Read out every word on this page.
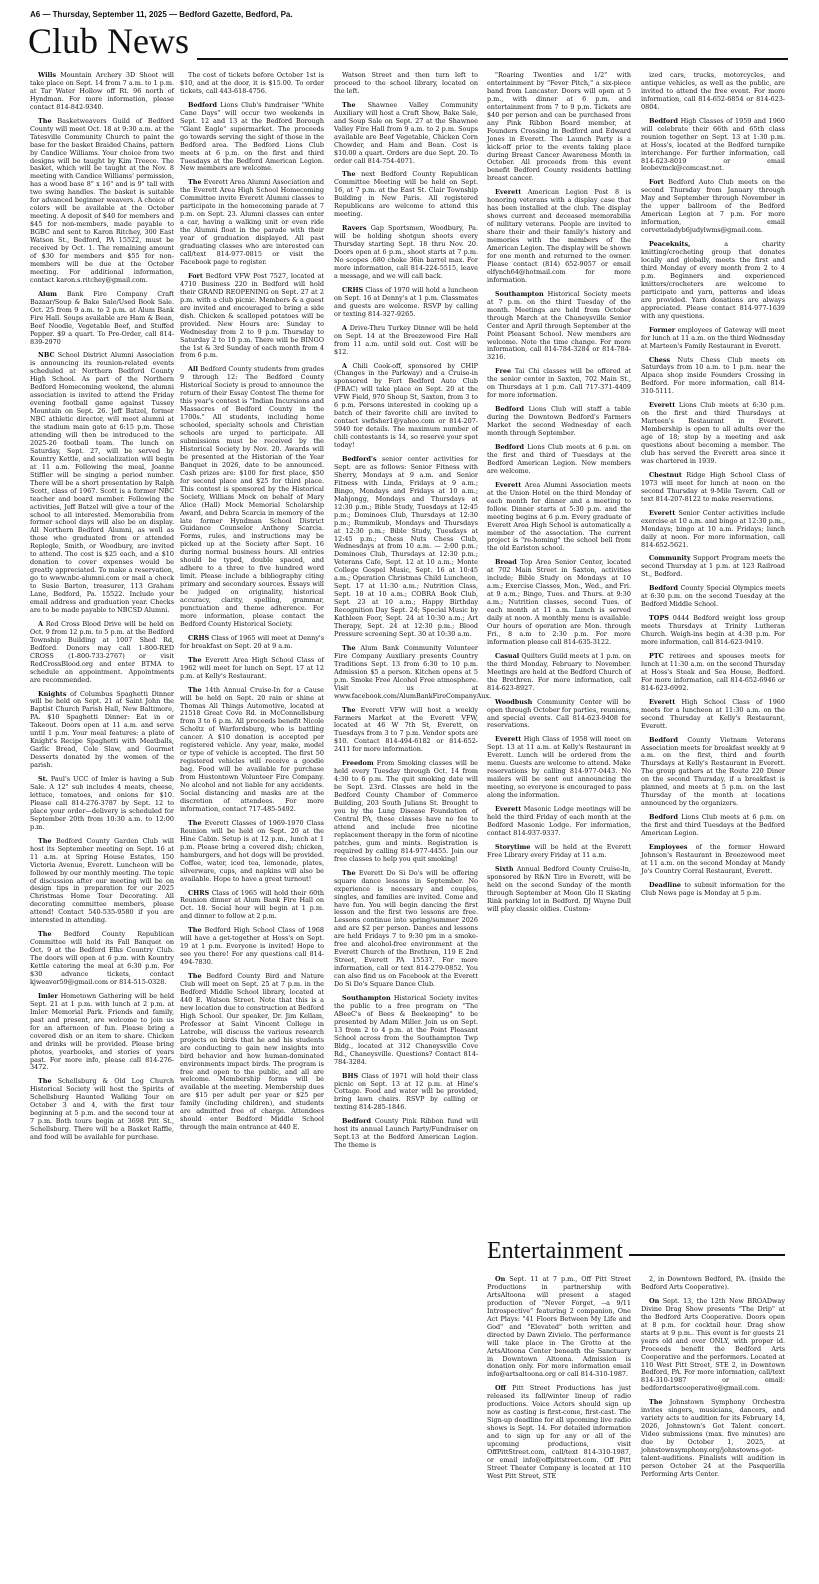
A6 — Thursday, September 11, 2025 — Bedford Gazette, Bedford, Pa.
Club News

Wills Mountain Archery 3D Shoot will take place on Sept. 14 from 7 a.m. to 1 p.m. at Tar Water Hollow off Rt. 96 north of Hyndman. For more information, please contact 814-842-9340.

The Basketweavers Guild of Bedford County will meet Oct. 18 at 9:30 a.m. at the Tatesville Community Church to paint the base for the basket Braided Chains, pattern by Candice Williams. Your choice from two designs will be taught by Kim Treece. The basket, which will be taught at the Nov. 8 meeting with Candice Williams' permission, has a wood base 8" x 16" and is 9" tall with two swing handles. The basket is suitable for advanced beginner weavers. A choice of colors will be available at the October meeting. A deposit of $40 for members and $45 for non-members, made payable to BGBC and sent to Karon Ritchey, 300 East Watson St., Bedford, PA 15522, must be received by Oct. 1. The remaining amount of $30 for members and $55 for non-members will be due at the October meeting. For additional information, contact karon.s.ritchey@gmail.com.

Alum Bank Fire Company Craft Bazaar/Soup & Bake Sale/Used Book Sale. Oct. 25 from 9 a.m. to 2 p.m. at Alum Bank Fire Hall. Soups available are Ham & Bean, Beef Noodle, Vegetable Beef, and Stuffed Pepper. $9 a quart. To Pre-Order, call 814-839-2970

NBC School District Alumni Association is announcing its reunion-related events scheduled at Northern Bedford County High School. As part of the Northern Bedford Homecoming weekend, the alumni association is invited to attend the Friday evening football game against Tussey Mountain on Sept. 26. Jeff Batzel, former NBC athletic director, will meet alumni at the stadium main gate at 6:15 p.m. Those attending will then be introduced to the 2025-26 football team. The lunch on Saturday, Sept. 27, will be served by Kountry Kettle, and socialization will begin at 11 a.m. Following the meal, Joanne Stiffler will be singing a period number. There will be a short presentation by Ralph Scott, class of 1967. Scott is a former NBC teacher and board member. Following the activities, Jeff Batzel will give a tour of the school to all interested. Memorabilia from former school days will also be on display. All Northern Bedford Alumni, as well as those who graduated from or attended Replogle, Smith, or Woodbury, are invited to attend. The cost is $25 each, and a $10 donation to cover expenses would be greatly appreciated. To make a reservation, go to www.nbc-alumni.com or mail a check to Susie Barton, treasurer, 113 Graham Lane, Bedford, Pa. 15522. Include your email address and graduation year. Checks are to be made payable to NBCSD Alumni.

A Red Cross Blood Drive will be held on Oct. 9 from 12 p.m. to 5 p.m. at the Bedford Township Building at 1007 Shed Rd, Bedford. Donors may call 1-800-RED CROSS (1-800-733-2767) or visit RedCrossBlood.org and enter BTMA to schedule an appointment. Appointments are recommended.

Knights of Columbus Spaghetti Dinner will be held on Sept. 21 at Saint John the Baptist Church Parish Hall, New Baltimore, PA. $10 Spaghetti Dinner: Eat in or Takeout. Doors open at 11 a.m. and serve until 1 p.m. Your meal features: a plate of Knight's Recipe Spaghetti with Meatballs, Garlic Bread, Cole Slaw, and Gourmet Desserts donated by the women of the parish.

St. Paul's UCC of Imler is having a Sub Sale. A 12" sub includes 4 meats, cheese, lettuce, tomatoes, and onions for $10. Please call 814-276-3787 by Sept. 12 to place your order—delivery is scheduled for September 20th from 10:30 a.m. to 12:00 p.m.

The Bedford County Garden Club will host its September meeting on Sept. 16 at 11 a.m. at Spring House Estates, 150 Victoria Avenue, Everett. Luncheon will be followed by our monthly meeting. The topic of discussion after our meeting will be on design tips in preparation for our 2025 Christmas Home Tour Decorating. All decorating committee members, please attend! Contact 540-535-9580 if you are interested in attending.

The Bedford County Republican Committee will hold its Fall Banquet on Oct. 9 at the Bedford Elks Country Club. The doors will open at 6 p.m. with Kountry Kettle catering the meal at 6:30 p.m. For $30 advance tickets, contact kjweaver59@gmail.com or 814-515-0328.

Imler Hometown Gathering will be held Sept. 21 at 1 p.m. with lunch at 2 p.m. at Imler Memorial Park. Friends and family, past and present, are welcome to join us for an afternoon of fun. Please bring a covered dish or an item to share. Chicken and drinks will be provided. Please bring photos, yearbooks, and stories of years past. For more info, please call 814-276-3472.

The Schellsburg & Old Log Church Historical Society will host the Spirits of Schellsburg Haunted Walking Tour on October 3 and 4, with the first tour beginning at 5 p.m. and the second tour at 7 p.m. Both tours begin at 3698 Pitt St., Schellsburg. There will be a Basket Raffle, and food will be available for purchase.

The cost of tickets before October 1st is $10, and at the door, it is $15.00. To order tickets, call 443-618-4756.

Bedford Lions Club's fundraiser "White Cane Days" will occur two weekends in Sept. 12 and 13 at the Bedford Borough "Giant Eagle" supermarket. The proceeds go towards serving the sight of those in the Bedford area. The Bedford Lions Club meets at 6 p.m. on the first and third Tuesdays at the Bedford American Legion. New members are welcome.

The Everett Area Alumni Association and the Everett Area High School Homecoming Committee invite Everett Alumni classes to participate in the homecoming parade at 7 p.m. on Sept. 23. Alumni classes can enter a car, having a walking unit or even ride the Alumni float in the parade with their year of graduation displayed. All past graduating classes who are interested can call/text 814-977-0815 or visit the Facebook page to register.

Fort Bedford VFW Post 7527, located at 4710 Business 220 in Bedford will hold their GRAND REOPENING on Sept. 27 at 2 p.m. with a club picnic. Members & a guest are invited and encouraged to bring a side dish. Chicken & scalloped potatoes will be provided. New Hours are: Sunday to Wednesday from 2 to 9 p.m. Thursday to Saturday 2 to 10 p.m. There will be BINGO the 1st & 3rd Sunday of each month from 4 from 6 p.m.

All Bedford County students from grades 9 through 12: The Bedford County Historical Society is proud to announce the return of their Essay Contest The theme for this year's contest is "Indian Incursions and Massacres of Bedford County in the 1700s." All students, including home schooled, specialty schools and Christian schools are urged to participate. All submissions must be received by the Historical Society by Nov. 20. Awards will be presented at the Historian of the Year Banquet in 2026, date to be announced. Cash prizes are: $100 for first place, $50 for second place and $25 for third place. This contest is sponsored by the Historical Society, William Mock on behalf of Mary Alice (Hall) Mock Memorial Scholarship Award, and Debra Scarcia in memory of the late former Hyndman School District Guidance Counselor Anthony Scarcia. Forms, rules, and instructions may be picked up at the Society after Sept. 16 during normal business hours. All entries should be typed, double spaced, and adhere to a three to five hundred word limit. Please include a bibliography citing primary and secondary sources. Essays will be judged on originality, historical accuracy, clarity, spelling, grammar, punctuation and theme adherence. For more information, please contact the Bedford County Historical Society.

CRHS Class of 1965 will meet at Denny's for breakfast on Sept. 20 at 9 a.m.

The Everett Area High School Class of 1962 will meet for lunch on Sept. 17 at 12 p.m. at Kelly's Restaurant.

The 14th Annual Cruise-In for a Cause will be held on Sept. 20 rain or shine at Thomas All Things Automotive, located at 21518 Great Cove Rd. in McConnellsburg from 3 to 6 p.m. All proceeds benefit Nicole Scholtz of Warfordsburg, who is battling cancer. A $10 donation is accepted per registered vehicle. Any year, make, model or type of vehicle is accepted. The first 50 registered vehicles will receive a goodie bag. Food will be available for purchase from Hustontown Volunteer Fire Company. No alcohol and not liable for any accidents. Social distancing and masks are at the discretion of attendees. For more information, contact 717-485-5492.

The Everett Classes of 1969-1970 Class Reunion will be held on Sept. 20 at the Hine Cabin. Setup is at 12 p.m., lunch at 1 p.m. Please bring a covered dish; chicken, hamburgers, and hot dogs will be provided. Coffee, water, iced tea, lemonade, plates, silverware, cups, and napkins will also be available. Hope to have a great turnout!

CHRS Class of 1965 will hold their 60th Reunion dinner at Alum Bank Fire Hall on Oct. 18. Social hour will begin at 1 p.m. and dinner to follow at 2 p.m.

The Bedford High School Class of 1968 will have a get-together at Hoss's on Sept. 19 at 1 p.m. Everyone is invited! Hope to see you there! For any questions call 814-494-7830.

The Bedford County Bird and Nature Club will meet on Sept. 25 at 7 p.m. in the Bedford Middle School library, located at 440 E. Watson Street. Note that this is a new location due to construction at Bedford High School. Our speaker, Dr. Jim Kellam, Professor at Saint Vincent College in Latrobe, will discuss the various research projects on birds that he and his students are conducting to gain new insights into bird behavior and how human-dominated environments impact birds. The program is free and open to the public, and all are welcome. Membership forms will be available at the meeting. Membership dues are $15 per adult per year or $25 per family (including children), and students are admitted free of charge. Attendees should enter Bedford Middle School through the main entrance at 440 E.

Watson Street and then turn left to proceed to the school library, located on the left.

The Shawnee Valley Community Auxiliary will host a Craft Show, Bake Sale, and Soup Sale on Sept. 27 at the Shawnee Valley Fire Hall from 9 a.m. to 2 p.m. Soups available are Beef Vegetable, Chicken Corn Chowder, and Ham and Bean. Cost is $10.00 a quart. Orders are due Sept. 20. To order call 814-754-4071.

The next Bedford County Republican Committee Meeting will be held on Sept. 16, at 7 p.m. at the East St. Clair Township Building in New Paris. All registered Republicans are welcome to attend this meeting.

Ravers Gap Sportsmen, Woodbury, Pa. will be holding shotgun shoots every Thursday starting Sept. 18 thru Nov. 20. Doors open at 6 p.m., shoot starts at 7 p.m. No scopes .680 choke 36in barrel max. For more information, call 814-224-5515, leave a message, and we will call back.

CRHS Class of 1970 will hold a luncheon on Sept. 16 at Denny's at 1 p.m. Classmates and guests are welcome. RSVP by calling or texting 814-327-9265.

A Drive-Thru Turkey Dinner will be held on Sept. 14 at the Breezewood Fire Hall from 11 a.m. until sold out. Cost will be $12.

A Chili Cook-off, sponsored by CHIP (Changes in the Parkway) and a Cruise-in sponsored by Fort Bedford Auto Club (FBAC) will take place on Sept. 20 at the VFW Field, 970 Shoup St, Saxton, from 3 to 6 p.m. Persons interested in cooking up a batch of their favorite chili are invited to contact swfisher1@yahoo.com or 814-207-5940 for details. The maximum number of chili contestants is 14, so reserve your spot today!

Bedford's senior center activities for Sept. are as follows: Senior Fitness with Sherry, Mondays at 9 a.m. and Senior Fitness with Linda, Fridays at 9 a.m.; Bingo, Mondays and Fridays at 10 a.m.; Mahjongg, Mondays and Thursdays at 12:30 p.m.; Bible Study, Tuesdays at 12:45 p.m.; Dominoes Club, Thursdays at 12:30 p.m.; Rummikub, Mondays and Thursdays at 12:30 p.m.; Bible Study, Tuesdays at 12:45 p.m.; Chess Nuts Chess Club, Wednesdays at from 10 a.m. — 2:00 p.m.; Dominoes Club, Thursdays at 12:30 p.m.; Veterans Cafe, Sept. 12 at 10 a.m.; Monte College Gospel Music, Sept. 16 at 10:45 a.m.; Operation Christmas Child Luncheon, Sept. 17 at 11:30 a.m.; Nutrition Class, Sept. 18 at 10 a.m.; COBRA Book Club, Sept. 23 at 10 a.m.; Happy Birthday Recognition Day Sept. 24; Special Music by Kathleen Foor, Sept. 24 at 10:30 a.m.; Art Therapy, Sept. 24 at 12:30 p.m.; Blood Pressure screening Sept. 30 at 10:30 a.m.

The Alum Bank Community Volunteer Fire Company Auxiliary presents Country Traditions Sept. 13 from 6:30 to 10 p.m. Admission $5 a person. Kitchen opens at 5 p.m. Smoke Free Alcohol Free atmosphere. Visit us at www.facebook.com/AlumBankFireCompanyAux.

The Everett VFW will host a weekly Farmers Market at the Everett VFW, located at 46 W 7th St, Everett, on Tuesdays from 3 to 7 p.m. Vendor spots are $10. Contact 814-494-6182 or 814-652-2411 for more information.

Freedom From Smoking classes will be held every Tuesday through Oct. 14 from 4:30 to 6 p.m. The quit smoking date will be Sept. 23rd. Classes are held in the Bedford County Chamber of Commerce Building, 203 South Julians St. Brought to you by the Lung Disease Foundation of Central PA, these classes have no fee to attend and include free nicotine replacement therapy in the form of nicotine patches, gum and mints. Registration is required by calling 814-977-4455. Join our free classes to help you quit smoking!

The Everett Do Si Do's will be offering square dance lessons in September. No experience is necessary and couples, singles, and families are invited. Come and have fun. You will begin dancing the first lesson and the first two lessons are free. Lessons continue into spring/summer 2026 and are $2 per person. Dances and lessons are held Fridays 7 to 9:30 pm in a smoke-free and alcohol-free environment at the Everett Church of the Brethren, 119 E 2nd Street, Everett PA 15537. For more information, call or text 814-279-0852. You can also find us on Facebook at the Everett Do Si Do's Square Dance Club.

Southampton Historical Society invites the public to a free program on "The ABeeC's of Bees & Beekeeping" to be presented by Adam Miller. Join us on Sept. 13 from 2 to 4 p.m. at the Point Pleasant School across from the Southampton Twp Bldg., located at 312 Chaneysville Cove Rd., Chaneysville. Questions? Contact 814-784-3284.

BHS Class of 1971 will hold their class picnic on Sept. 13 at 12 p.m. at Hine's Cottage. Food and water will be provided, bring lawn chairs. RSVP by calling or texting 814-285-1846.

Bedford County Pink Ribbon fund will host its annual Launch Party/Fundraiser on Sept.13 at the Bedford American Legion. The theme is

"Roaring Twenties and 1/2" with entertainment by "Fever Pitch," a six-piece band from Lancaster. Doors will open at 5 p.m., with dinner at 6 p.m. and entertainment from 7 to 9 p.m. Tickets are $40 per person and can be purchased from any Pink Ribbon Board member, at Founders Crossing in Bedford and Edward Jones in Everett. The Launch Party is a kick-off prior to the events taking place during Breast Cancer Awareness Month in October. All proceeds from this event benefit Bedford County residents battling breast cancer.

Everett American Legion Post 8 is honoring veterans with a display case that has been installed at the club. The display shows current and deceased memorabilia of military veterans. People are invited to share their and their family's history and memories with the members of the American Legion. The display will be shown for one month and returned to the owner. Please contact (814) 652-9057 or email elfynch64@hotmail.com for more information.

Southampton Historical Society meets at 7 p.m. on the third Tuesday of the month. Meetings are held from October through March at the Chaneysville Senior Center and April through September at the Point Pleasant School. New members are welcome. Note the time change. For more information, call 814-784-3284 or 814-784-3216.

Free Tai Chi classes will be offered at the senior center in Saxton, 702 Main St., on Thursdays at 1 p.m. Call 717-371-4409 for more information.

Bedford Lions Club will staff a table during the Downtown Bedford's Farmers Market the second Wednesday of each month through September.

Bedford Lions Club meets at 6 p.m. on the first and third of Tuesdays at the Bedford American Legion. New members are welcome.

Everett Area Alumni Association meets at the Union Hotel on the third Monday of each month for dinner and a meeting to follow. Dinner starts at 5:30 p.m. and the meeting begins at 6 p.m. Every graduate of Everett Area High School is automatically a member of the association. The current project is "re-homing" the school bell from the old Earlston school.

Broad Top Area Senior Center, located at 702 Main Street in Saxton, activities include; Bible Study on Mondays at 10 a.m.; Exercise Classes, Mon., Wed., and Fri. at 9 a.m.; Bingo, Tues. and Thurs. at 9:30 a.m.; Nutrition classes, second Tues. of each month at 11 a.m. Lunch is served daily at noon. A monthly menu is available. Our hours of operation are Mon. through Fri., 8 a.m to 2:30 p.m. For more information please call 814-635-3122.

Casual Quilters Guild meets at 1 p.m. on the third Monday, February to November. Meetings are held at the Bedford Church of the Brethren. For more information, call 814-623-8927.

Woodbush Community Center will be open through October for parties, reunions, and special events. Call 814-623-9408 for reservations.

Everett High Class of 1958 will meet on Sept. 13 at 11 a.m. at Kelly's Restaurant in Everett. Lunch will be ordered from the menu. Guests are welcome to attend. Make reservations by calling 814-977-0443. No mailers will be sent out announcing the meeting, so everyone is encouraged to pass along the information.

Everett Masonic Lodge meetings will be held the third Friday of each month at the Bedford Masonic Lodge. For information, contact 814-937-9337.

Storytime will be held at the Everett Free Library every Friday at 11 a.m.

Sixth Annual Bedford County Cruise-In, sponsored by R&N Tire in Everett, will be held on the second Sunday of the month through September at Moon Glo II Skating Rink parking lot in Bedford. DJ Wayne Dull will play classic oldies. Custom-

ized cars, trucks, motorcycles, and antique vehicles, as well as the public, are invited to attend the free event. For more information, call 814-652-6854 or 814-623-0804.

Bedford High Classes of 1959 and 1960 will celebrate their 66th and 65th class reunion together on Sept. 13 at 1:30 p.m. at Hoss's, located at the Bedford turnpike interchange. For further information, call 814-623-8019 or email leobevmck@comcast.net.

Fort Bedford Auto Club meets on the second Thursday from January through May and September through November in the upper ballroom of the Bedford American Legion at 7 p.m. For more information, email corvetteladyb6judylwms@gmail.com.

Peaceknits, a charity knitting/crocheting group that donates locally and globally, meets the first and third Monday of every month from 2 to 4 p.m. Beginners and experienced knitters/crocheters are welcome to participate and yarn, patterns and ideas are provided. Yarn donations are always appreciated. Please contact 814-977-1639 with any questions.

Former employees of Gateway will meet for lunch at 11 a.m. on the third Wednesday at Marteen's Family Restaurant in Everett.

Chess Nuts Chess Club meets on Saturdays from 10 a.m. to 1 p.m. near the Alpaca shop inside Founders Crossing in Bedford. For more information, call 814-310-5111.

Everett Lions Club meets at 6:30 p.m. on the first and third Thursdays at Marteen's Restaurant in Everett. Membership is open to all adults over the age of 18; stop by a meeting and ask questions about becoming a member. The club has served the Everett area since it was chartered in 1939.

Chestnut Ridge High School Class of 1973 will meet for lunch at noon on the second Thursday at 9-Mile Tavern. Call or text 814-207-8122 to make reservations.

Everett Senior Center activities include exercise at 10 a.m. and bingo at 12:30 p.m., Mondays; bingo at 10 a.m. Fridays; lunch daily at noon. For more information, call 814-652-5621.

Community Support Program meets the second Thursday at 1 p.m. at 123 Railroad St., Bedford.

Bedford County Special Olympics meets at 6:30 p.m. on the second Tuesday at the Bedford Middle School.

TOPS 0444 Bedford weight loss group meets Thursdays at Trinity Lutheran Church. Weigh-ins begin at 4:30 p.m. For more information, call 814-623-9419.

PTC retirees and spouses meets for lunch at 11:30 a.m. on the second Thursday at Hoss's Steak and Sea House, Bedford. For more information, call 814-652-6946 or 814-623-6992.

Everett High School Class of 1960 meets for a luncheon at 11:30 a.m. on the second Thursday at Kelly's Restaurant, Everett.

Bedford County Vietnam Veterans Association meets for breakfast weekly at 9 a.m. on the first, third and fourth Thursdays at Kelly's Restaurant in Everett. The group gathers at the Route 220 Diner on the second Thursday, if a breakfast is planned, and meets at 5 p.m. on the last Thursday of the month at locations announced by the organizers.

Bedford Lions Club meets at 6 p.m. on the first and third Tuesdays at the Bedford American Legion.

Employees of the former Howard Johnson's Restaurant in Breezewood meet at 11 a.m. on the second Monday at Mandy Jo's Country Corral Restaurant, Everett.

Deadline to submit information for the Club News page is Monday at 5 p.m.

Entertainment

On Sept. 11 at 7 p.m., Off Pitt Street Productions in partnership with ArtsAltoona will present a staged production of "Never Forget, --a 9/11 Introspective" featuring 2 companion, One Act Plays: "41 Floors Between My Life and God" and "Elevated" both written and directed by Dawn Zivielo. The performance will take place in The Grotto at the ArtsAltoona Center beneath the Sanctuary in Downtown Altoona. Admission is donation only. For more information email info@artsaltoona.org or call 814-310-1987.

Off Pitt Street Productions has just released its fall/winter lineup of radio productions. Voice Actors should sign up now as casting is first-come, first-cast. The Sign-up deadline for all upcoming live radio shows is Sept. 14. For detailed information and to sign up for any or all of the upcoming productions, visit OffPittStreet.com, call/text 814-310-1987, or email info@offpittstreet.com. Off Pitt Street Theater Company is located at 110 West Pitt Street, STE

2, in Downtown Bedford, PA. (Inside the Bedford Arts Cooperative).

On Sept. 13, the 12th New BROADway Divine Drag Show presents "The Drip" at the Bedford Arts Cooperative. Doors open at 8 p.m. for cocktail hour. Drag show starts at 9 p.m.. This event is for guests 21 years old and over ONLY, with proper id. Proceeds benefit the Bedford Arts Cooperative and the performers. Located at 110 West Pitt Street, STE 2, in Downtown Bedford, PA. For more information, call/text 814-310-1987 or email: bedfordartscooperative@gmail.com.

The Johnstown Symphony Orchestra invites singers, musicians, dancers, and variety acts to audition for its February 14, 2026, Johnstown's Got Talent concert. Video submissions (max. five minutes) are due by October 1, 2025, at johnstownsymphony.org/johnstowns-got-talent-auditions. Finalists will audition in person October 24 at the Pasquerilla Performing Arts Center.
